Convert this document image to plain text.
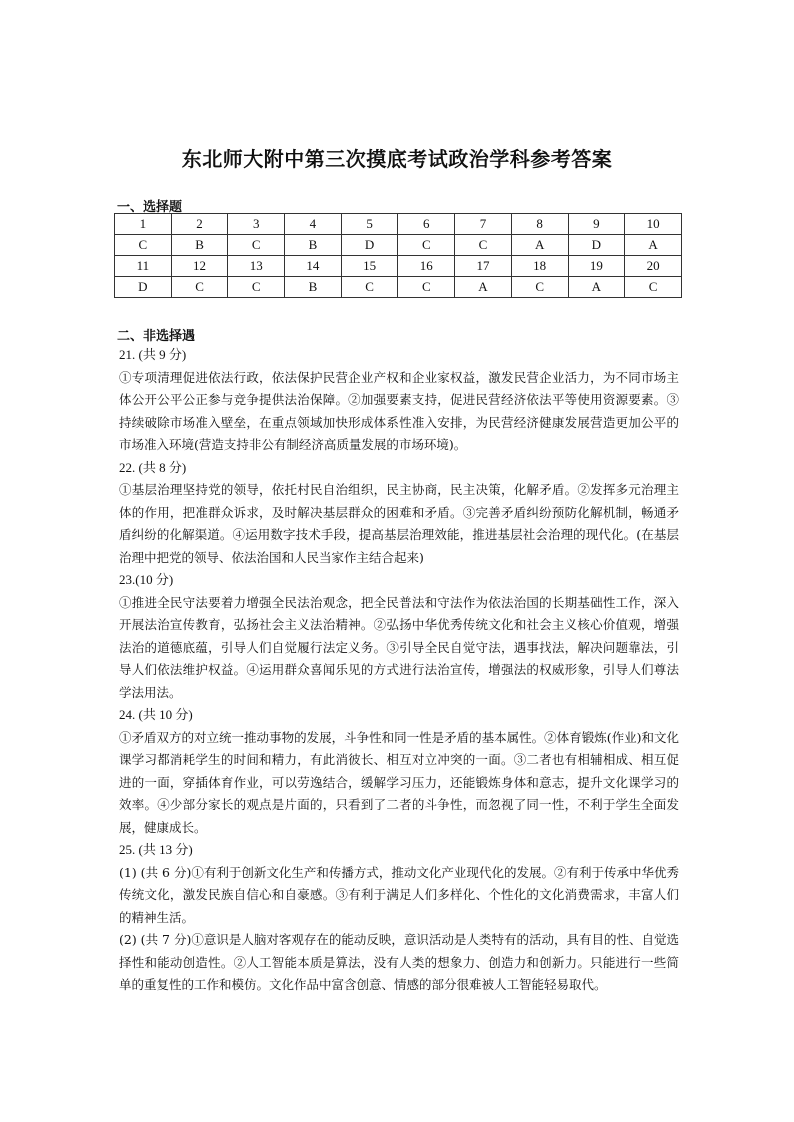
东北师大附中第三次摸底考试政治学科参考答案
一、选择题
1	2	3	4	5	6	7	8	9	10
C	B	C	B	D	C	C	A	D	A
11	12	13	14	15	16	17	18	19	20
D	C	C	B	C	C	A	C	A	C
二、非选择遇

21. (共 9 分)

①专项清理促进依法行政，依法保护民营企业产权和企业家权益，激发民营企业活力，为不同市场主体公开公平公正参与竞争提供法治保障。②加强要素支持，促进民营经济依法平等使用资源要素。③持续破除市场准入壁垒，在重点领域加快形成体系性准入安排，为民营经济健康发展营造更加公平的市场准入环境(营造支持非公有制经济高质量发展的市场环境)。

22. (共 8 分)

①基层治理坚持党的领导，依托村民自治组织，民主协商，民主决策，化解矛盾。②发挥多元治理主体的作用，把准群众诉求，及时解决基层群众的困难和矛盾。③完善矛盾纠纷预防化解机制，畅通矛盾纠纷的化解渠道。④运用数字技术手段，提高基层治理效能，推进基层社会治理的现代化。(在基层治理中把党的领导、依法治国和人民当家作主结合起来)

23.(10 分)

①推进全民守法要着力增强全民法治观念，把全民普法和守法作为依法治国的长期基础性工作，深入开展法治宣传教育，弘扬社会主义法治精神。②弘扬中华优秀传统文化和社会主义核心价值观，增强法治的道德底蕴，引导人们自觉履行法定义务。③引导全民自觉守法，遇事找法，解决问题靠法，引导人们依法维护权益。④运用群众喜闻乐见的方式进行法治宣传，增强法的权威形象，引导人们尊法学法用法。

24. (共 10 分)

①矛盾双方的对立统一推动事物的发展，斗争性和同一性是矛盾的基本属性。②体育锻炼(作业)和文化课学习都消耗学生的时间和精力，有此消彼长、相互对立冲突的一面。③二者也有相辅相成、相互促进的一面，穿插体育作业，可以劳逸结合，缓解学习压力，还能锻炼身体和意志，提升文化课学习的效率。④少部分家长的观点是片面的，只看到了二者的斗争性，而忽视了同一性，不利于学生全面发展，健康成长。

25. (共 13 分)

(1) (共 6 分)①有利于创新文化生产和传播方式，推动文化产业现代化的发展。②有利于传承中华优秀传统文化，激发民族自信心和自豪感。③有利于满足人们多样化、个性化的文化消费需求，丰富人们的精神生活。

(2) (共 7 分)①意识是人脑对客观存在的能动反映，意识活动是人类特有的活动，具有目的性、自觉选择性和能动创造性。②人工智能本质是算法，没有人类的想象力、创造力和创新力。只能进行一些简单的重复性的工作和模仿。文化作品中富含创意、情感的部分很难被人工智能轻易取代。
